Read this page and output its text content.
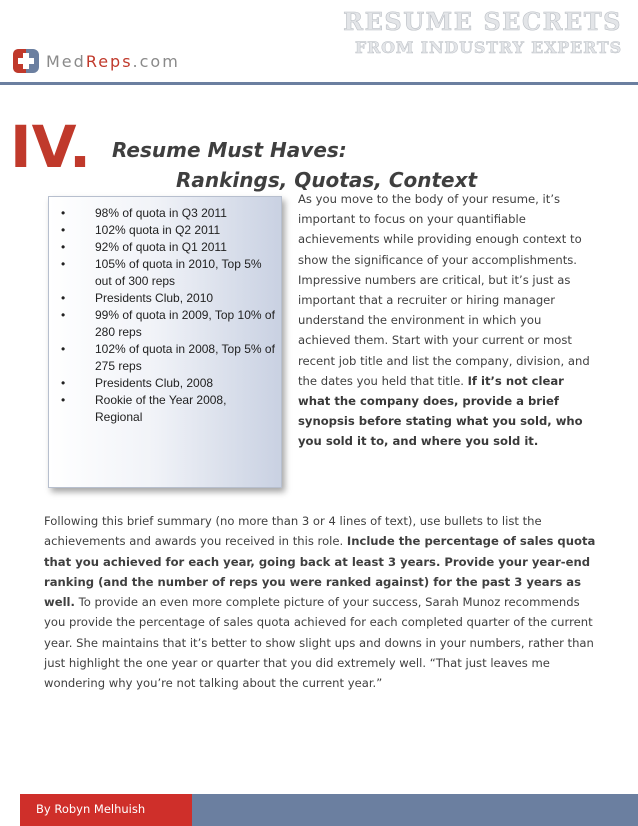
MedReps.com
RESUME SECRETS
FROM INDUSTRY EXPERTS
IV. Resume Must Haves:
Rankings, Quotas, Context
• 98% of quota in Q3 2011
• 102% quota in Q2 2011
• 92% of quota in Q1 2011
• 105% of quota in 2010, Top 5% out of 300 reps
• Presidents Club, 2010
• 99% of quota in 2009, Top 10% of 280 reps
• 102% of quota in 2008, Top 5% of 275 reps
• Presidents Club, 2008
• Rookie of the Year 2008, Regional
As you move to the body of your resume, it’s important to focus on your quantifiable achievements while providing enough context to show the significance of your accomplishments. Impressive numbers are critical, but it’s just as important that a recruiter or hiring manager understand the environment in which you achieved them. Start with your current or most recent job title and list the company, division, and the dates you held that title. If it’s not clear what the company does, provide a brief synopsis before stating what you sold, who you sold it to, and where you sold it.
Following this brief summary (no more than 3 or 4 lines of text), use bullets to list the achievements and awards you received in this role. Include the percentage of sales quota that you achieved for each year, going back at least 3 years. Provide your year-end ranking (and the number of reps you were ranked against) for the past 3 years as well. To provide an even more complete picture of your success, Sarah Munoz recommends you provide the percentage of sales quota achieved for each completed quarter of the current year. She maintains that it’s better to show slight ups and downs in your numbers, rather than just highlight the one year or quarter that you did extremely well. “That just leaves me wondering why you’re not talking about the current year.”
By Robyn Melhuish
